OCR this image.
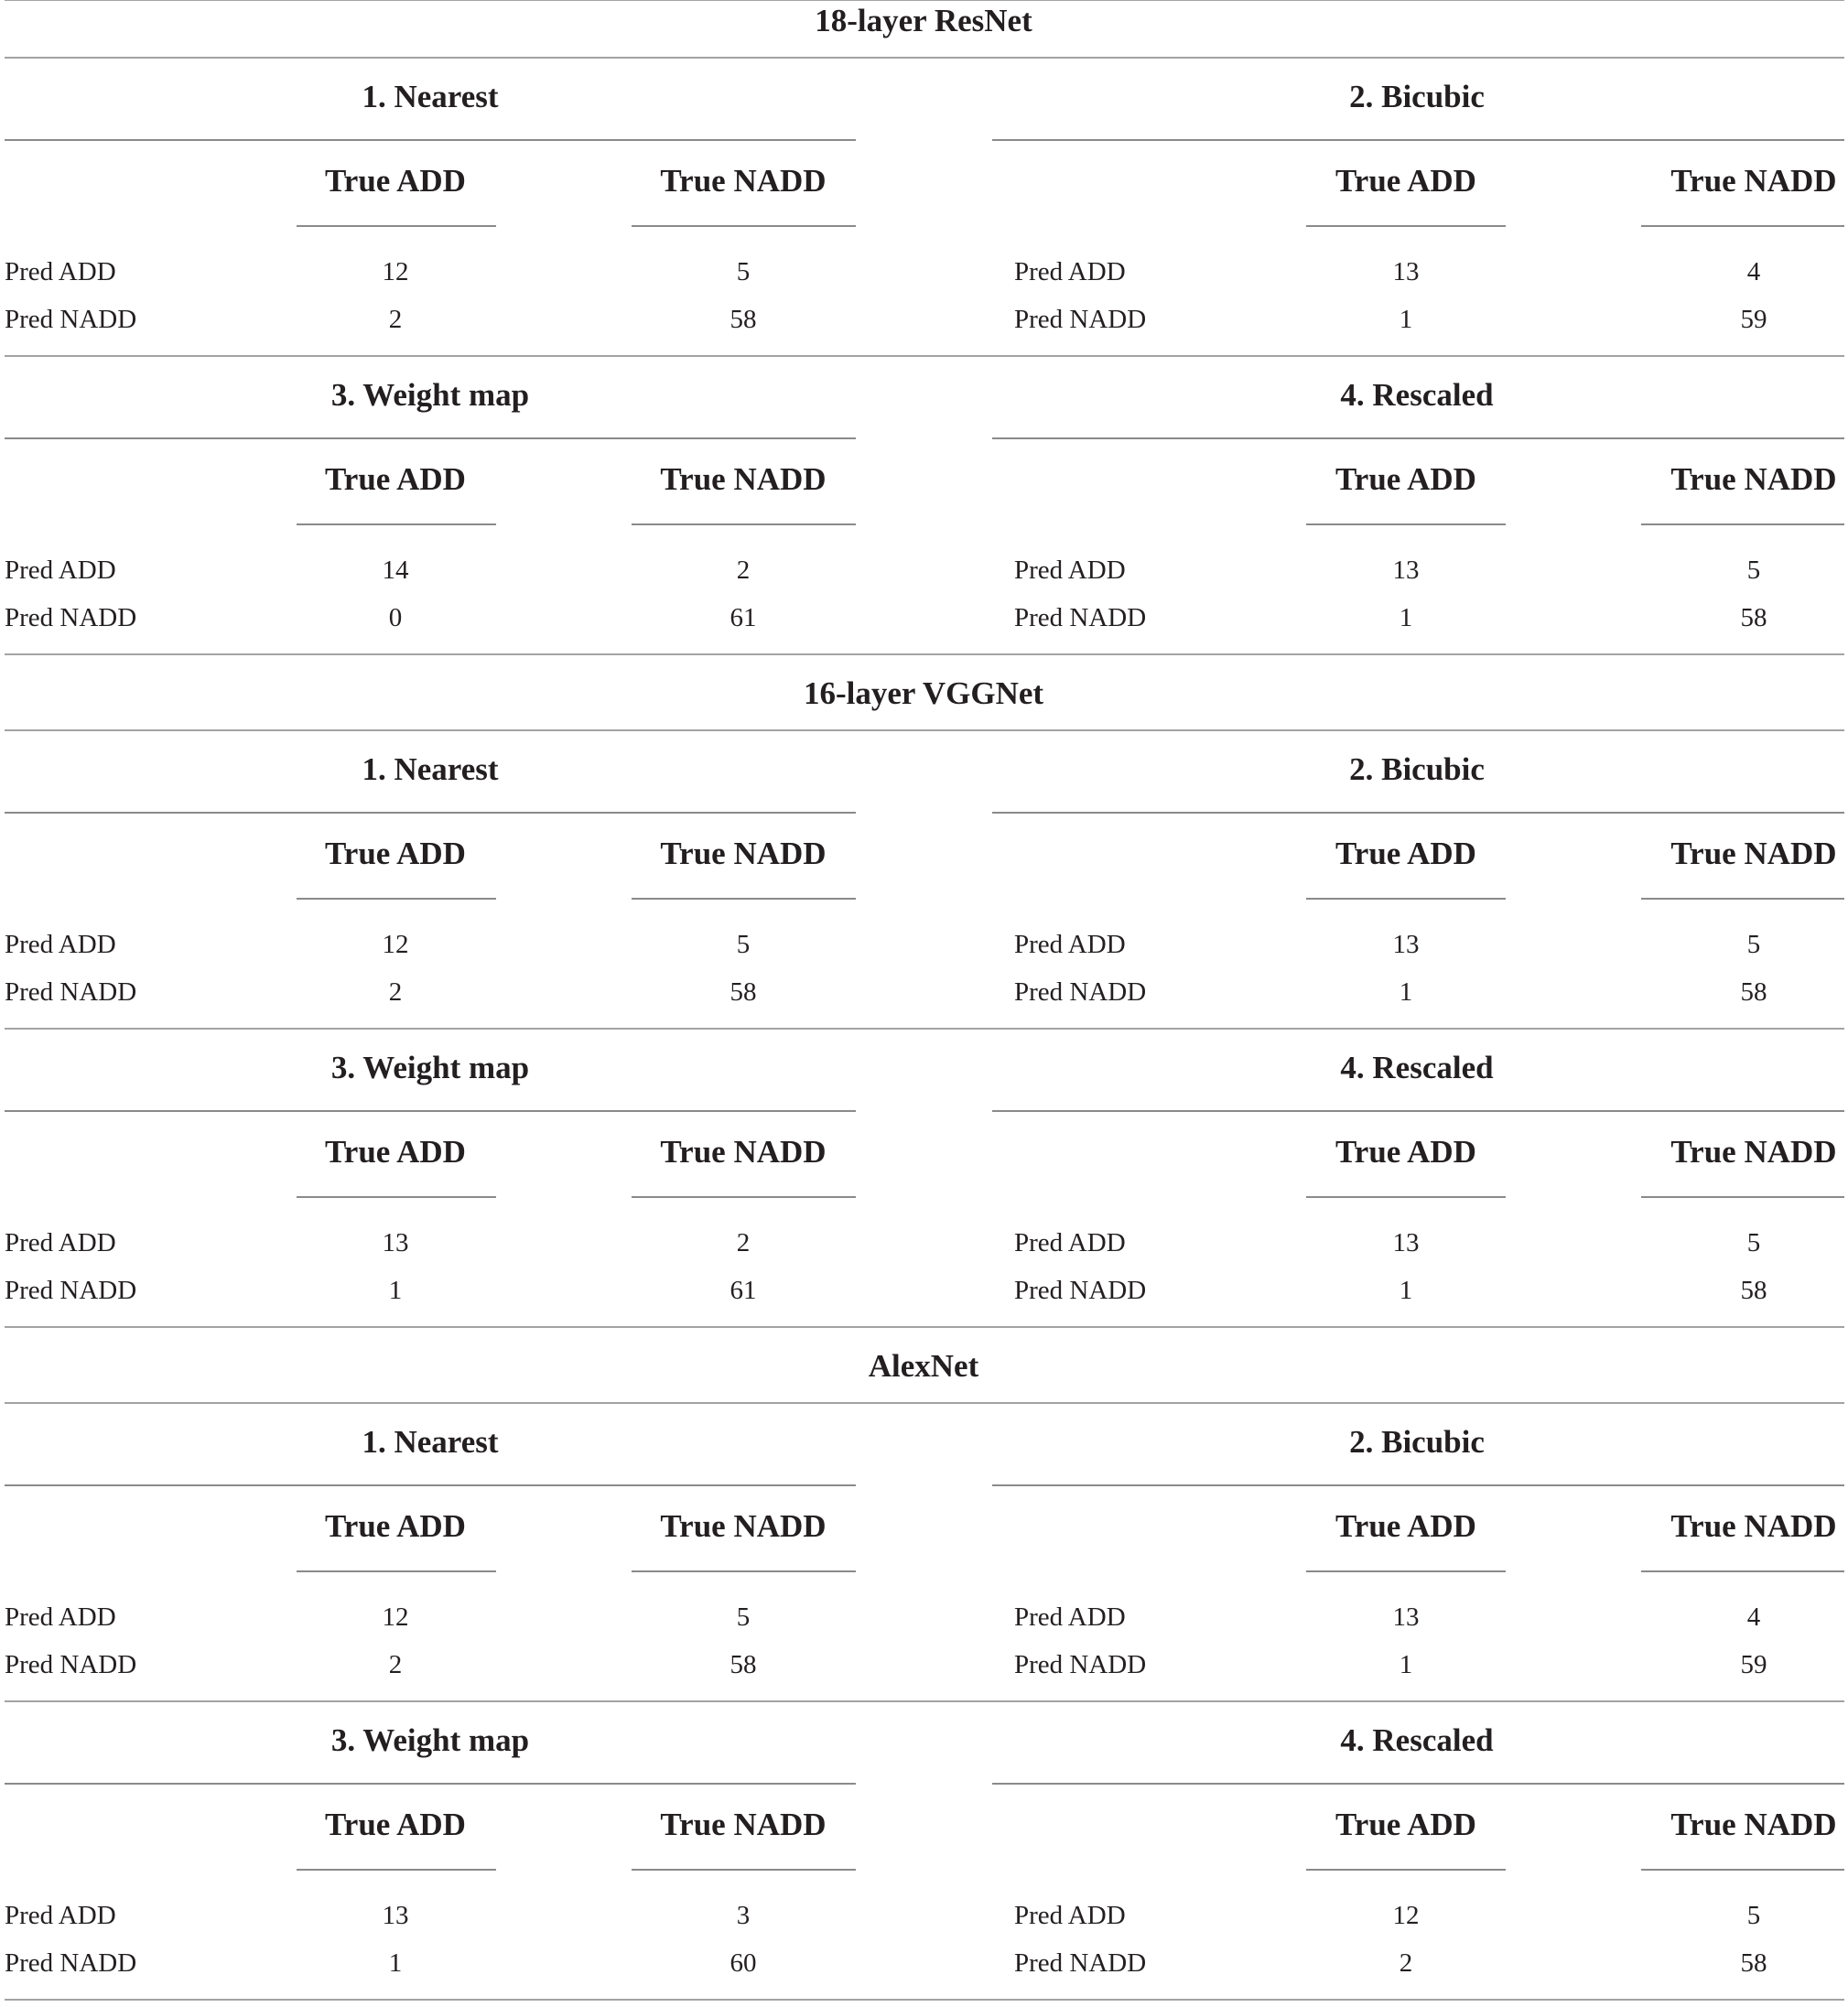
18-layer ResNet
1. Nearest
True ADD	True NADD
Pred ADD	12	5
Pred NADD	2	58
2. Bicubic
True ADD	True NADD
Pred ADD	13	4
Pred NADD	1	59
3. Weight map
True ADD	True NADD
Pred ADD	14	2
Pred NADD	0	61
4. Rescaled
True ADD	True NADD
Pred ADD	13	5
Pred NADD	1	58
16-layer VGGNet
1. Nearest
True ADD	True NADD
Pred ADD	12	5
Pred NADD	2	58
2. Bicubic
True ADD	True NADD
Pred ADD	13	5
Pred NADD	1	58
3. Weight map
True ADD	True NADD
Pred ADD	13	2
Pred NADD	1	61
4. Rescaled
True ADD	True NADD
Pred ADD	13	5
Pred NADD	1	58
AlexNet
1. Nearest
True ADD	True NADD
Pred ADD	12	5
Pred NADD	2	58
2. Bicubic
True ADD	True NADD
Pred ADD	13	4
Pred NADD	1	59
3. Weight map
True ADD	True NADD
Pred ADD	13	3
Pred NADD	1	60
4. Rescaled
True ADD	True NADD
Pred ADD	12	5
Pred NADD	2	58
